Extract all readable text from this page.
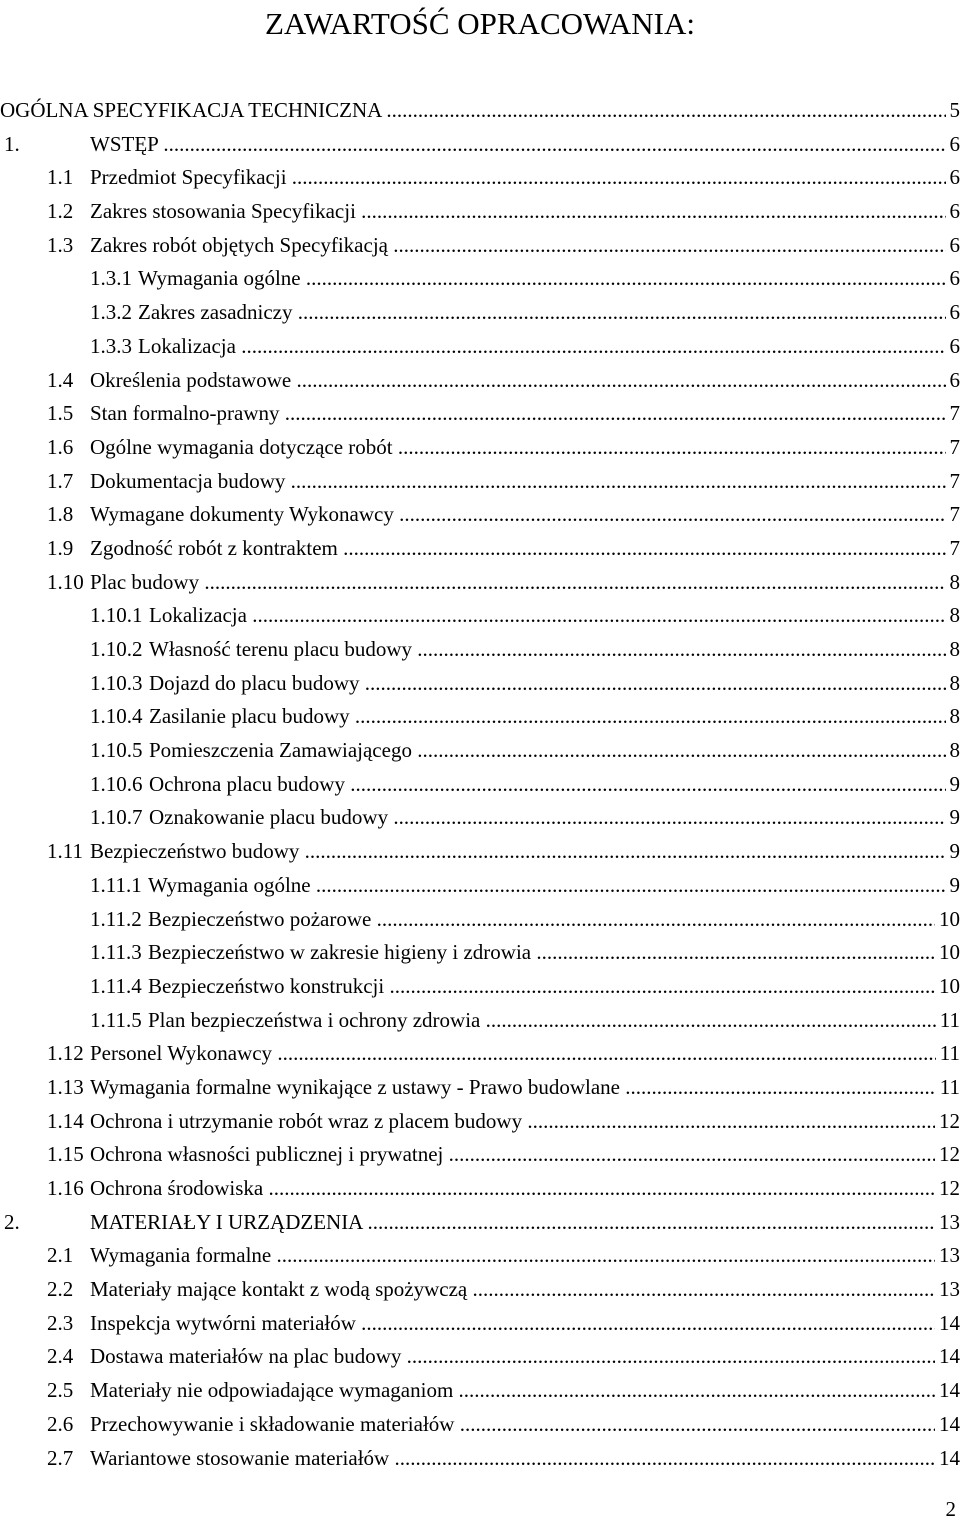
ZAWARTOŚĆ OPRACOWANIA:
OGÓLNA SPECYFIKACJA TECHNICZNA .....	5
1.	WSTĘP .....	6
1.1 Przedmiot Specyfikacji .....	6
1.2 Zakres stosowania Specyfikacji .....	6
1.3 Zakres robót objętych Specyfikacją .....	6
1.3.1 Wymagania ogólne .....	6
1.3.2 Zakres zasadniczy .....	6
1.3.3 Lokalizacja .....	6
1.4 Określenia podstawowe .....	6
1.5 Stan formalno-prawny .....	7
1.6 Ogólne wymagania dotyczące robót .....	7
1.7 Dokumentacja budowy .....	7
1.8 Wymagane dokumenty Wykonawcy .....	7
1.9 Zgodność robót z kontraktem .....	7
1.10 Plac budowy .....	8
1.10.1 Lokalizacja .....	8
1.10.2 Własność terenu placu budowy .....	8
1.10.3 Dojazd do placu budowy .....	8
1.10.4 Zasilanie placu budowy .....	8
1.10.5 Pomieszczenia Zamawiającego .....	8
1.10.6 Ochrona placu budowy .....	9
1.10.7 Oznakowanie placu budowy .....	9
1.11 Bezpieczeństwo budowy .....	9
1.11.1 Wymagania ogólne .....	9
1.11.2 Bezpieczeństwo pożarowe .....	10
1.11.3 Bezpieczeństwo w zakresie higieny i zdrowia .....	10
1.11.4 Bezpieczeństwo konstrukcji .....	10
1.11.5 Plan bezpieczeństwa i ochrony zdrowia .....	11
1.12 Personel Wykonawcy .....	11
1.13 Wymagania formalne wynikające z ustawy - Prawo budowlane .....	11
1.14 Ochrona i utrzymanie robót wraz z placem budowy .....	12
1.15 Ochrona własności publicznej i prywatnej .....	12
1.16 Ochrona środowiska .....	12
2.	MATERIAŁY I URZĄDZENIA .....	13
2.1 Wymagania formalne .....	13
2.2 Materiały mające kontakt z wodą spożywczą .....	13
2.3 Inspekcja wytwórni materiałów .....	14
2.4 Dostawa materiałów na plac budowy .....	14
2.5 Materiały nie odpowiadające wymaganiom .....	14
2.6 Przechowywanie i składowanie materiałów .....	14
2.7 Wariantowe stosowanie materiałów .....	14
2
